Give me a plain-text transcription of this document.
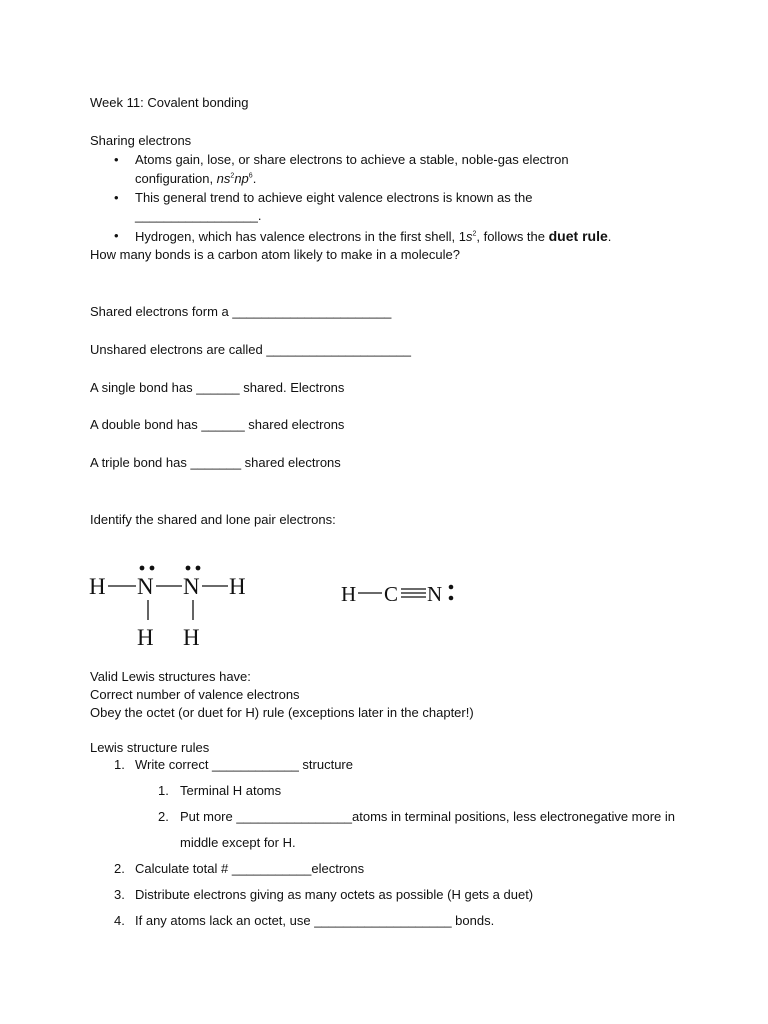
Week 11: Covalent bonding
Sharing electrons
• Atoms gain, lose, or share electrons to achieve a stable, noble-gas electron
configuration, $ns^2np^6$.
• This general trend to achieve eight valence electrons is known as the
_________________.
• Hydrogen, which has valence electrons in the first shell, $1s^2$, follows the duet rule.
How many bonds is a carbon atom likely to make in a molecule?
Shared electrons form a ______________________
Unshared electrons are called ____________________
A single bond has ______ shared. Electrons
A double bond has ______ shared electrons
A triple bond has _______ shared electrons
Identify the shared and lone pair electrons:
H N N H
H H
H C N
Valid Lewis structures have:
Correct number of valence electrons
Obey the octet (or duet for H) rule (exceptions later in the chapter!)
Lewis structure rules
1. Write correct ____________ structure
1. Terminal H atoms
2. Put more ________________atoms in terminal positions, less electronegative more in
middle except for H.
2. Calculate total # ___________electrons
3. Distribute electrons giving as many octets as possible (H gets a duet)
4. If any atoms lack an octet, use ___________________ bonds.
